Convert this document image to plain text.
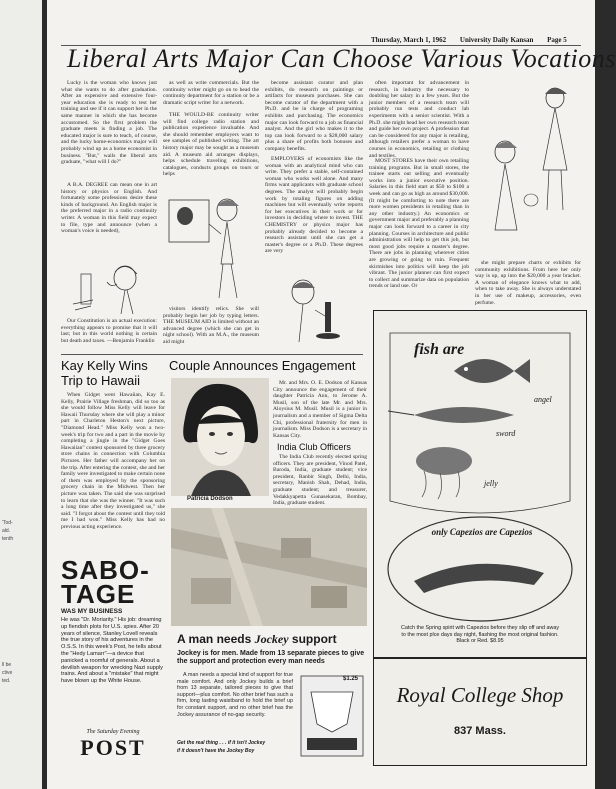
'Tod-
ald.
tenth
ll be
ctive
ted.
Thursday, March 1, 1962 University Daily Kansan Page 5
Liberal Arts Major Can Choose Various Vocations

Lucky is the woman who knows just what she wants to do after graduation. After an expensive and extensive four-year education she is ready to test her training and see if it can support her in the same manner in which she has become accustomed. So the first problem the graduate meets is finding a job. The educated major is sure to teach, of course, and the lucky home-economics major will probably wind up as a home economist in business. "But," wails the liberal arts graduate, "what will I do?"

A B.A. DEGREE can mean one in art history or physics or English. And fortunately some professions desire these kinds of background. An English major is the preferred major in a radio continuity writer. A woman in this field may expect to file, type and announce (when a woman's voice is needed),

Our Constitution is an actual execution: everything appears to promise that it will last; but in this world nothing is certain but death and taxes. —Benjamin Franklin

as well as write commercials. But the continuity writer might go on to head the continuity department for a station or be a dramatic script writer for a network.

THE WOULD-BE continuity writer will find college radio station and publication experience invaluable. And she should remember employers want to see samples of published writing. The art history major may be sought as a museum aid. A museum aid arranges displays, helps schedule traveling exhibitions, catalogues, conducts groups on tours or helps

visitors identify relics. She will probably begin her job by typing letters. THE MUSEUM AID is limited without an advanced degree (which she can get in night school). With an M.A., the museum aid might

become assistant curator and plan exhibits, do research on paintings or artifacts for museum purchases. She can become curator of the department with a Ph.D. and be in charge of programing exhibits and purchasing. The economics major can look forward to a job as financial analyst. And the girl who makes it to the top can look forward to a $28,000 salary plus a share of profits both bonuses and company benefits.

EMPLOYERS of economists like the woman with an analytical mind who can write. They prefer a stable, self-contained woman who works well alone. And many firms want applicants with graduate school degrees. The analyst will probably begin work by totaling figures on adding machines but will eventually write reports for her executives in their work or for investors in deciding where to invest. THE CHEMISTRY or physics major has probably already decided to become a research assistant until she can get a master's degree or a Ph.D. These degrees are very

often important for advancement in research, in industry the necessary to doubling her salary in a few years. But the junior members of a research team will probably run tests and conduct lab experiments with a senior scientist. With a Ph.D. she might head her own research team and guide her own project. A profession that can be considered for any major is retailing, although retailers prefer a woman to have courses in economics, retailing or clothing and textiles.

MOST STORES have their own retailing training programs. But in small stores, the trainee starts out selling and eventually works into a junior executive position. Salaries in this field start at $50 to $100 a week and can go as high as around $30,000. (It might be comforting to note there are more women presidents in retailing than in any other industry.) An economics or government major and preferably a planning major can look forward to a career in city planning. Courses in architecture and public administration will help to get this job, but most good jobs require a master's degree. There are jobs in planning wherever cities are growing or going to ruin. Frequent skirmishes into politics will keep the job vibrant. The junior planner can first expect to collect and summarize data on population trends or land use. Or

she might prepare charts or exhibits for community exhibitions. From here her only way is up, up into the $20,000 a year bracket. A woman of elegance knows what to add, when to take away. She is always understated in her use of makeup, accessories, even perfume.

Kay Kelly Wins Trip to Hawaii

When Gidget went Hawaiian, Kay E. Kelly, Prairie Village freshman, did so too as she would follow Miss Kelly will leave for Hawaii Thursday where she will play a minor part in Charleton Heston's next picture, "Diamond Head." Miss Kelly won a two-week's trip for two and a part in the movie by completing a jingle in the "Gidget Goes Hawaiian" contest sponsored by three grocery store chains in connection with Columbia Pictures. Her father will accompany her on the trip. After entering the contest, she and her family were investigated to make certain none of them was employed by the sponsoring grocery chain in the Midwest. Then her picture was taken. The said she was surprised to learn that she was the winner. "It was such a long time after they investigated us," she said. "I forgot about the contest until they told me I had won." Miss Kelly has had no previous acting experience.

Couple Announces Engagement
Patricia Dodson

Mr. and Mrs. O. E. Dodson of Kansas City announce the engagement of their daughter Patricia Ann, to Jerome A. Musil, son of the late Mr. and Mrs. Aloysius M. Musil. Musil is a junior in journalism and a member of Sigma Delta Chi, professional fraternity for men in journalism. Miss Dodson is a secretary in Kansas City.

India Club Officers

The India Club recently elected spring officers. They are president, Vinod Patel, Baroda, India, graduate student; vice president, Ranbir Singh, Delhi, India, secretary, Manish Shah, Dehad, India, graduate student; and treasurer, Vedakkyapetta Gunasekaran, Bombay, India, graduate student.

SABO-TAGE
WAS MY BUSINESS
He was "Dr. Moriarity." His job: dreaming up fiendish plots for U.S. spies. After 20 years of silence, Stanley Lovell reveals the true story of his adventures in the O.S.S. In this week's Post, he tells about the "Hedy Lamarr"—a device that panicked a roomful of generals. About a devilish weapon for wrecking Nazi supply trains. And about a "mistake" that might have blown up the White House.
The Saturday Evening
POST
A man needs Jockey support
Jockey is for men. Made from 13 separate pieces to give the support and protection every man needs

A man needs a special kind of support for true male comfort. And only Jockey builds a brief from 13 separate, tailored pieces to give that support—plus comfort. No other brief has such a firm, long lasting waistband to hold the brief up for constant support, and no other brief has the Jockey assurance of no-gap security.

$1.25
Get the real thing . . . if it isn't Jockey
if it doesn't have the Jockey Boy
fish are
angel
sword
jelly
only Capezios are Capezios
Catch the Spring spirit with Capezios before they slip off and away to the most plce days day night, flashing the most original fashion. Black or Red. $8.95
Royal College Shop
837 Mass.
